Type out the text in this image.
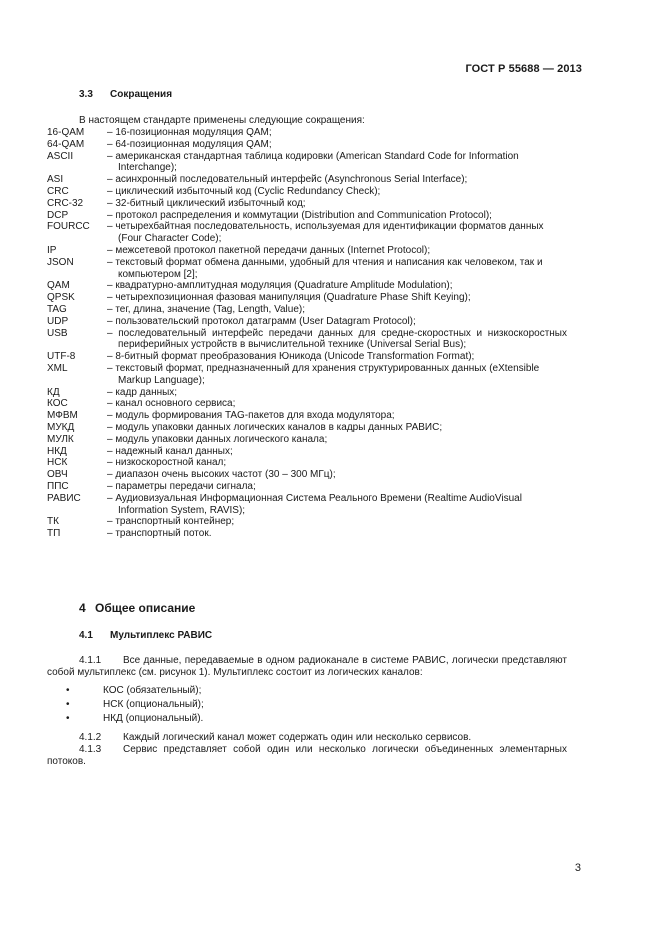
ГОСТ Р 55688 — 2013
3.3 Сокращения
В настоящем стандарте применены следующие сокращения:
16-QAM	– 16-позиционная модуляция QAM;
64-QAM	– 64-позиционная модуляция QAM;
ASCII	– американская стандартная таблица кодировки (American Standard Code for Information Interchange);
ASI	– асинхронный последовательный интерфейс (Asynchronous Serial Interface);
CRC	– циклический избыточный код (Cyclic Redundancy Check);
CRC-32	– 32-битный циклический избыточный код;
DCP	– протокол распределения и коммутации (Distribution and Communication Protocol);
FOURCC	– четырехбайтная последовательность, используемая для идентификации форматов данных (Four Character Code);
IP	– межсетевой протокол пакетной передачи данных (Internet Protocol);
JSON	– текстовый формат обмена данными, удобный для чтения и написания как человеком, так и компьютером [2];
QAM	– квадратурно-амплитудная модуляция (Quadrature Amplitude Modulation);
QPSK	– четырехпозиционная фазовая манипуляция (Quadrature Phase Shift Keying);
TAG	– тег, длина, значение (Tag, Length, Value);
UDP	– пользовательский протокол датаграмм (User Datagram Protocol);
USB	– последовательный интерфейс передачи данных для средне-скоростных и низкоскоростных периферийных устройств в вычислительной технике (Universal Serial Bus);
UTF-8	– 8-битный формат преобразования Юникода (Unicode Transformation Format);
XML	– текстовый формат, предназначенный для хранения структурированных данных (eXtensible Markup Language);
КД	– кадр данных;
КОС	– канал основного сервиса;
МФВМ	– модуль формирования TAG-пакетов для входа модулятора;
МУКД	– модуль упаковки данных логических каналов в кадры данных РАВИС;
МУЛК	– модуль упаковки данных логического канала;
НКД	– надежный канал данных;
НСК	– низкоскоростной канал;
ОВЧ	– диапазон очень высоких частот (30 – 300 МГц);
ППС	– параметры передачи сигнала;
РАВИС	– Аудиовизуальная Информационная Система Реального Времени (Realtime AudioVisual Information System, RAVIS);
ТК	– транспортный контейнер;
ТП	– транспортный поток.
4 Общее описание
4.1 Мультиплекс РАВИС
4.1.1 Все данные, передаваемые в одном радиоканале в системе РАВИС, логически представляют собой мультиплекс (см. рисунок 1). Мультиплекс состоит из логических каналов:
•	КОС (обязательный);
•	НСК (опциональный);
•	НКД (опциональный).
4.1.2 Каждый логический канал может содержать один или несколько сервисов.
4.1.3 Сервис представляет собой один или несколько логически объединенных элементарных потоков.
3
